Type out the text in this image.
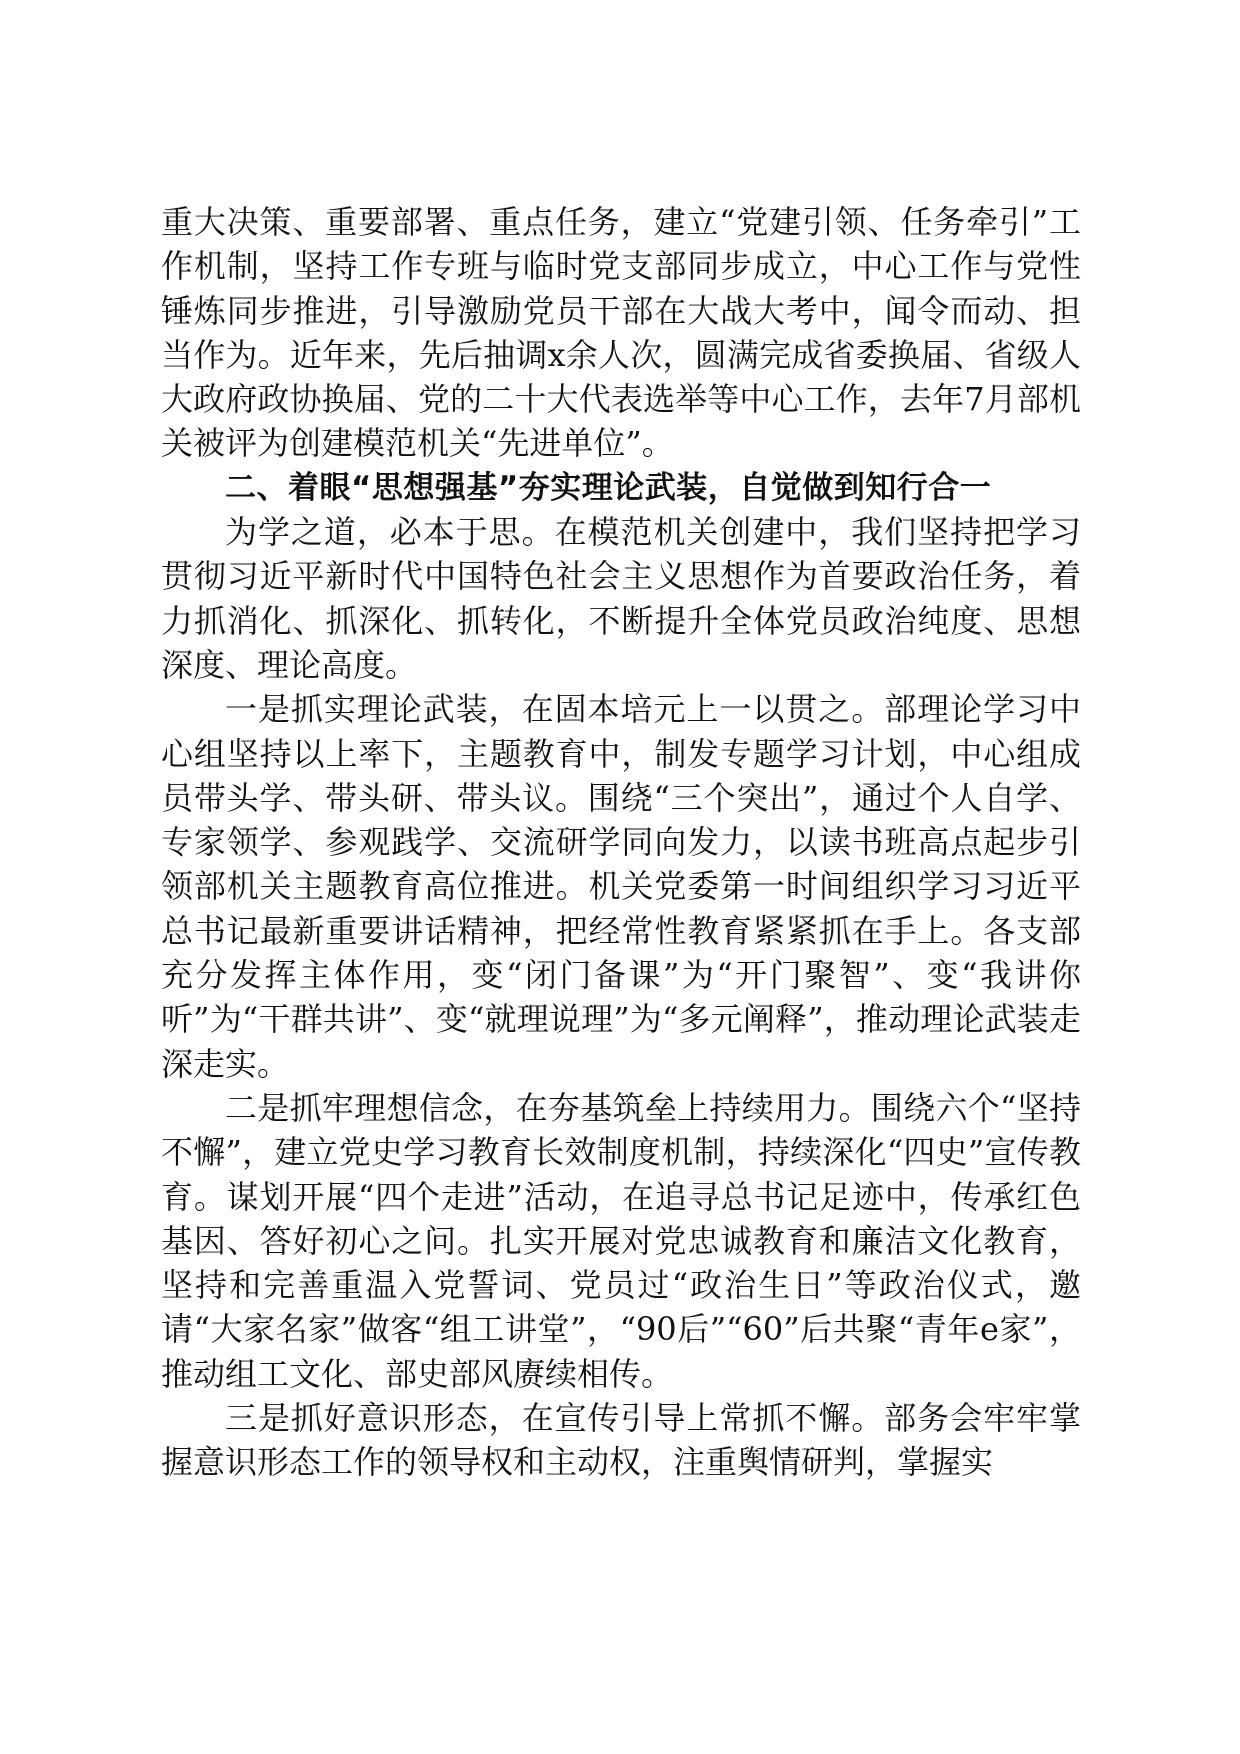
重大决策、重要部署、重点任务，建立“党建引领、任务牵引”工作机制，坚持工作专班与临时党支部同步成立，中心工作与党性锤炼同步推进，引导激励党员干部在大战大考中，闻令而动、担当作为。近年来，先后抽调x余人次，圆满完成省委换届、省级人大政府政协换届、党的二十大代表选举等中心工作，去年7月部机关被评为创建模范机关“先进单位”。

二、着眼“思想强基”夯实理论武装，自觉做到知行合一

为学之道，必本于思。在模范机关创建中，我们坚持把学习贯彻习近平新时代中国特色社会主义思想作为首要政治任务，着力抓消化、抓深化、抓转化，不断提升全体党员政治纯度、思想深度、理论高度。

一是抓实理论武装，在固本培元上一以贯之。部理论学习中心组坚持以上率下，主题教育中，制发专题学习计划，中心组成员带头学、带头研、带头议。围绕“三个突出”，通过个人自学、专家领学、参观践学、交流研学同向发力，以读书班高点起步引领部机关主题教育高位推进。机关党委第一时间组织学习习近平总书记最新重要讲话精神，把经常性教育紧紧抓在手上。各支部充分发挥主体作用，变“闭门备课”为“开门聚智”、变“我讲你听”为“干群共讲”、变“就理说理”为“多元阐释”，推动理论武装走深走实。

二是抓牢理想信念，在夯基筑垒上持续用力。围绕六个“坚持不懈”，建立党史学习教育长效制度机制，持续深化“四史”宣传教育。谋划开展“四个走进”活动，在追寻总书记足迹中，传承红色基因、答好初心之问。扎实开展对党忠诚教育和廉洁文化教育，坚持和完善重温入党誓词、党员过“政治生日”等政治仪式，邀请“大家名家”做客“组工讲堂”，“90后”“60”后共聚“青年e家”，推动组工文化、部史部风赓续相传。

三是抓好意识形态，在宣传引导上常抓不懈。部务会牢牢掌握意识形态工作的领导权和主动权，注重舆情研判，掌握实
